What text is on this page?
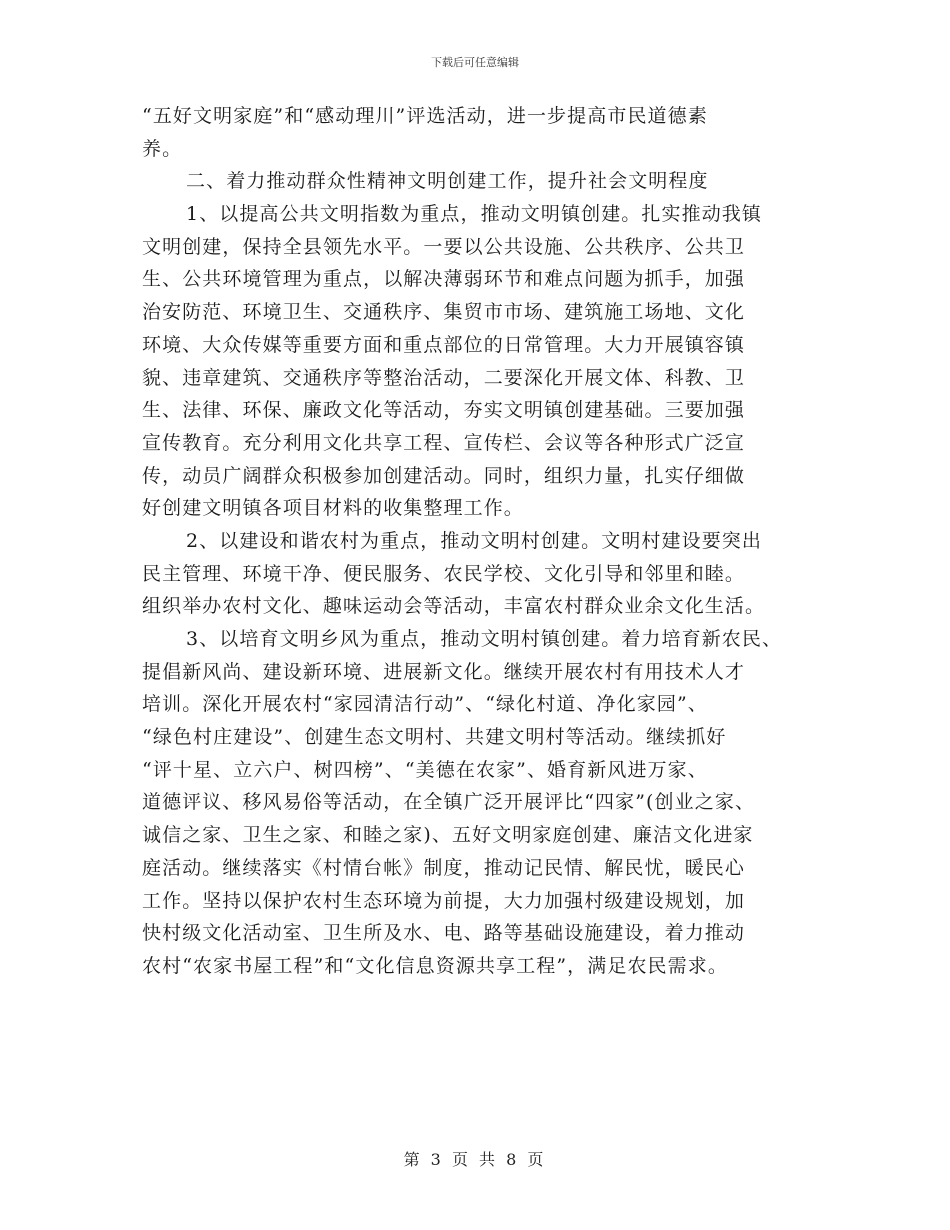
下载后可任意编辑
“五好文明家庭”和“感动理川”评选活动，进一步提高市民道德素
养。
二、着力推动群众性精神文明创建工作，提升社会文明程度
1、以提高公共文明指数为重点，推动文明镇创建。扎实推动我镇
文明创建，保持全县领先水平。一要以公共设施、公共秩序、公共卫
生、公共环境管理为重点，以解决薄弱环节和难点问题为抓手，加强
治安防范、环境卫生、交通秩序、集贸市市场、建筑施工场地、文化
环境、大众传媒等重要方面和重点部位的日常管理。大力开展镇容镇
貌、违章建筑、交通秩序等整治活动，二要深化开展文体、科教、卫
生、法律、环保、廉政文化等活动，夯实文明镇创建基础。三要加强
宣传教育。充分利用文化共享工程、宣传栏、会议等各种形式广泛宣
传，动员广阔群众积极参加创建活动。同时，组织力量，扎实仔细做
好创建文明镇各项目材料的收集整理工作。
2、以建设和谐农村为重点，推动文明村创建。文明村建设要突出
民主管理、环境干净、便民服务、农民学校、文化引导和邻里和睦。
组织举办农村文化、趣味运动会等活动，丰富农村群众业余文化生活。
3、以培育文明乡风为重点，推动文明村镇创建。着力培育新农民、
提倡新风尚、建设新环境、进展新文化。继续开展农村有用技术人才
培训。深化开展农村“家园清洁行动”、“绿化村道、净化家园”、
“绿色村庄建设”、创建生态文明村、共建文明村等活动。继续抓好
“评十星、立六户、树四榜”、“美德在农家”、婚育新风进万家、
道德评议、移风易俗等活动，在全镇广泛开展评比“四家”(创业之家、
诚信之家、卫生之家、和睦之家)、五好文明家庭创建、廉洁文化进家
庭活动。继续落实《村情台帐》制度，推动记民情、解民忧，暖民心
工作。坚持以保护农村生态环境为前提，大力加强村级建设规划，加
快村级文化活动室、卫生所及水、电、路等基础设施建设，着力推动
农村“农家书屋工程”和“文化信息资源共享工程”，满足农民需求。
第 3 页 共 8 页
